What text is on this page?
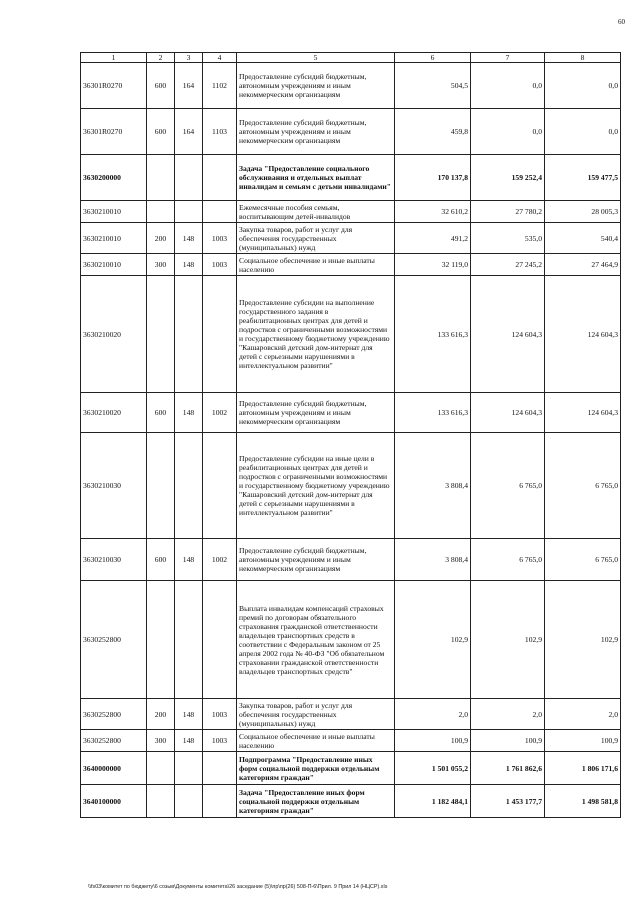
60
1	2	3	4	5	6	7	8
36301R0270	600	164	1102	Предоставление субсидий бюджетным, автономным учреждениям и иным некоммерческим организациям	504,5	0,0	0,0
36301R0270	600	164	1103	Предоставление субсидий бюджетным, автономным учреждениям и иным некоммерческим организациям	459,8	0,0	0,0
3630200000				Задача "Предоставление социального обслуживания и отдельных выплат инвалидам и семьям с детьми инвалидами"	170 137,8	159 252,4	159 477,5
3630210010				Ежемесячные пособия семьям, воспитывающим детей-инвалидов	32 610,2	27 780,2	28 005,3
3630210010	200	148	1003	Закупка товаров, работ и услуг для обеспечения государственных (муниципальных) нужд	491,2	535,0	540,4
3630210010	300	148	1003	Социальное обеспечение и иные выплаты населению	32 119,0	27 245,2	27 464,9
3630210020				Предоставление субсидии на выполнение государственного задания в реабилитационных центрах для детей и подростков с ограниченными возможностями и государственному бюджетному учреждению "Кашаровский детский дом-интернат для детей с серьезными нарушениями в интеллектуальном развитии"	133 616,3	124 604,3	124 604,3
3630210020	600	148	1002	Предоставление субсидий бюджетным, автономным учреждениям и иным некоммерческим организациям	133 616,3	124 604,3	124 604,3
3630210030				Предоставление субсидии на иные цели в реабилитационных центрах для детей и подростков с ограниченными возможностями и государственному бюджетному учреждению "Кашаровский детский дом-интернат для детей с серьезными нарушениями в интеллектуальном развитии"	3 808,4	6 765,0	6 765,0
3630210030	600	148	1002	Предоставление субсидий бюджетным, автономным учреждениям и иным некоммерческим организациям	3 808,4	6 765,0	6 765,0
3630252800				Выплата инвалидам компенсаций страховых премий по договорам обязательного страхования гражданской ответственности владельцев транспортных средств в соответствии с Федеральным законом от 25 апреля 2002 года № 40-ФЗ "Об обязательном страховании гражданской ответственности владельцев транспортных средств"	102,9	102,9	102,9
3630252800	200	148	1003	Закупка товаров, работ и услуг для обеспечения государственных (муниципальных) нужд	2,0	2,0	2,0
3630252800	300	148	1003	Социальное обеспечение и иные выплаты населению	100,9	100,9	100,9
3640000000				Подпрограмма "Предоставление иных форм социальной поддержки отдельным категориям граждан"	1 501 055,2	1 761 862,6	1 806 171,6
3640100000				Задача "Предоставление иных форм социальной поддержки отдельным категориям граждан"	1 182 484,1	1 453 177,7	1 498 581,8
\\fs03\комитет по бюджету\6 созыв\Документы комитета\26 заседание (5)\пр\пр(26) 508-П-6\Прил. 9 Прил 14 (НЦСР).xls
